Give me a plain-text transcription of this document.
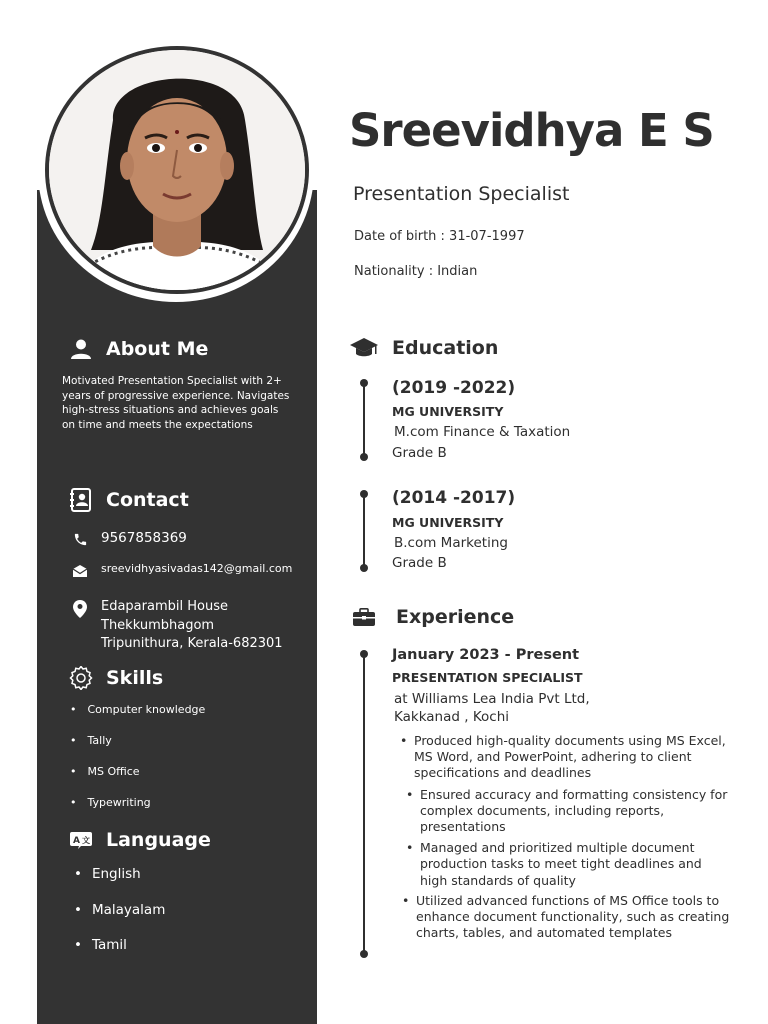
About Me
Motivated Presentation Specialist with 2+ years of progressive experience. Navigates high-stress situations and achieves goals on time and meets the expectations
Contact
9567858369
sreevidhyasivadas142@gmail.com
Edaparambil House
Thekkumbhagom
Tripunithura, Kerala-682301
Skills
• Computer knowledge
• Tally
• MS Office
• Typewriting
A 文 Language
• English
• Malayalam
• Tamil
Sreevidhya E S
Presentation Specialist
Date of birth : 31-07-1997
Nationality : Indian
Education
(2019 -2022)
MG UNIVERSITY
M.com Finance & Taxation
Grade B
(2014 -2017)
MG UNIVERSITY
B.com Marketing
Grade B
Experience
January 2023 - Present
PRESENTATION SPECIALIST
at Williams Lea India Pvt Ltd,
Kakkanad , Kochi
• Produced high-quality documents using MS Excel, MS Word, and PowerPoint, adhering to client specifications and deadlines
• Ensured accuracy and formatting consistency for complex documents, including reports, presentations
• Managed and prioritized multiple document production tasks to meet tight deadlines and high standards of quality
• Utilized advanced functions of MS Office tools to enhance document functionality, such as creating charts, tables, and automated templates
